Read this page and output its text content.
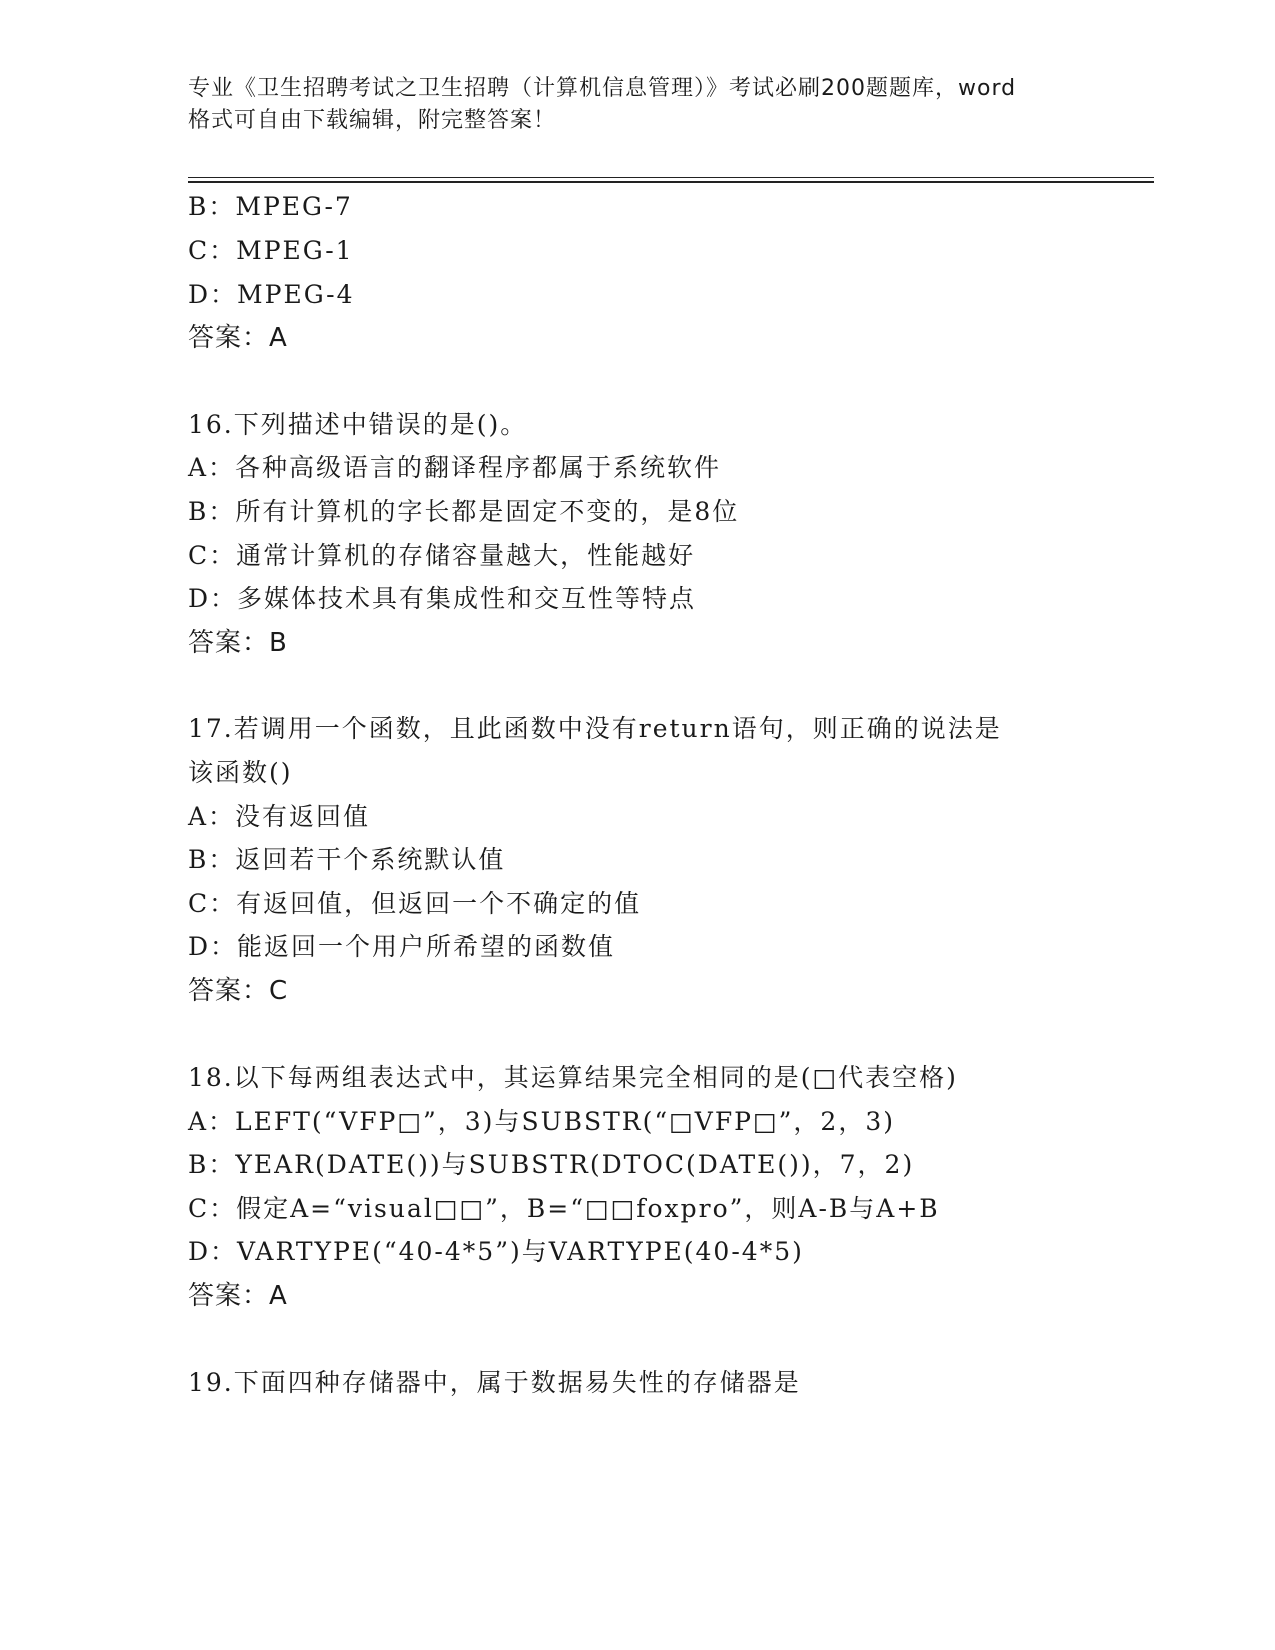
专业《卫生招聘考试之卫生招聘（计算机信息管理）》考试必刷200题题库，word
格式可自由下载编辑，附完整答案！
B：MPEG-7
C：MPEG-1
D：MPEG-4
答案：A
16.下列描述中错误的是()。
A：各种高级语言的翻译程序都属于系统软件
B：所有计算机的字长都是固定不变的，是8位
C：通常计算机的存储容量越大，性能越好
D：多媒体技术具有集成性和交互性等特点
答案：B
17.若调用一个函数，且此函数中没有return语句，则正确的说法是
该函数()
A：没有返回值
B：返回若干个系统默认值
C：有返回值，但返回一个不确定的值
D：能返回一个用户所希望的函数值
答案：C
18.以下每两组表达式中，其运算结果完全相同的是(□代表空格)
A：LEFT(“VFP□”，3)与SUBSTR(“□VFP□”，2，3)
B：YEAR(DATE())与SUBSTR(DTOC(DATE())，7，2)
C：假定A=“visual□□”，B=“□□foxpro”，则A-B与A+B
D：VARTYPE(“40-4*5”)与VARTYPE(40-4*5)
答案：A
19.下面四种存储器中，属于数据易失性的存储器是
